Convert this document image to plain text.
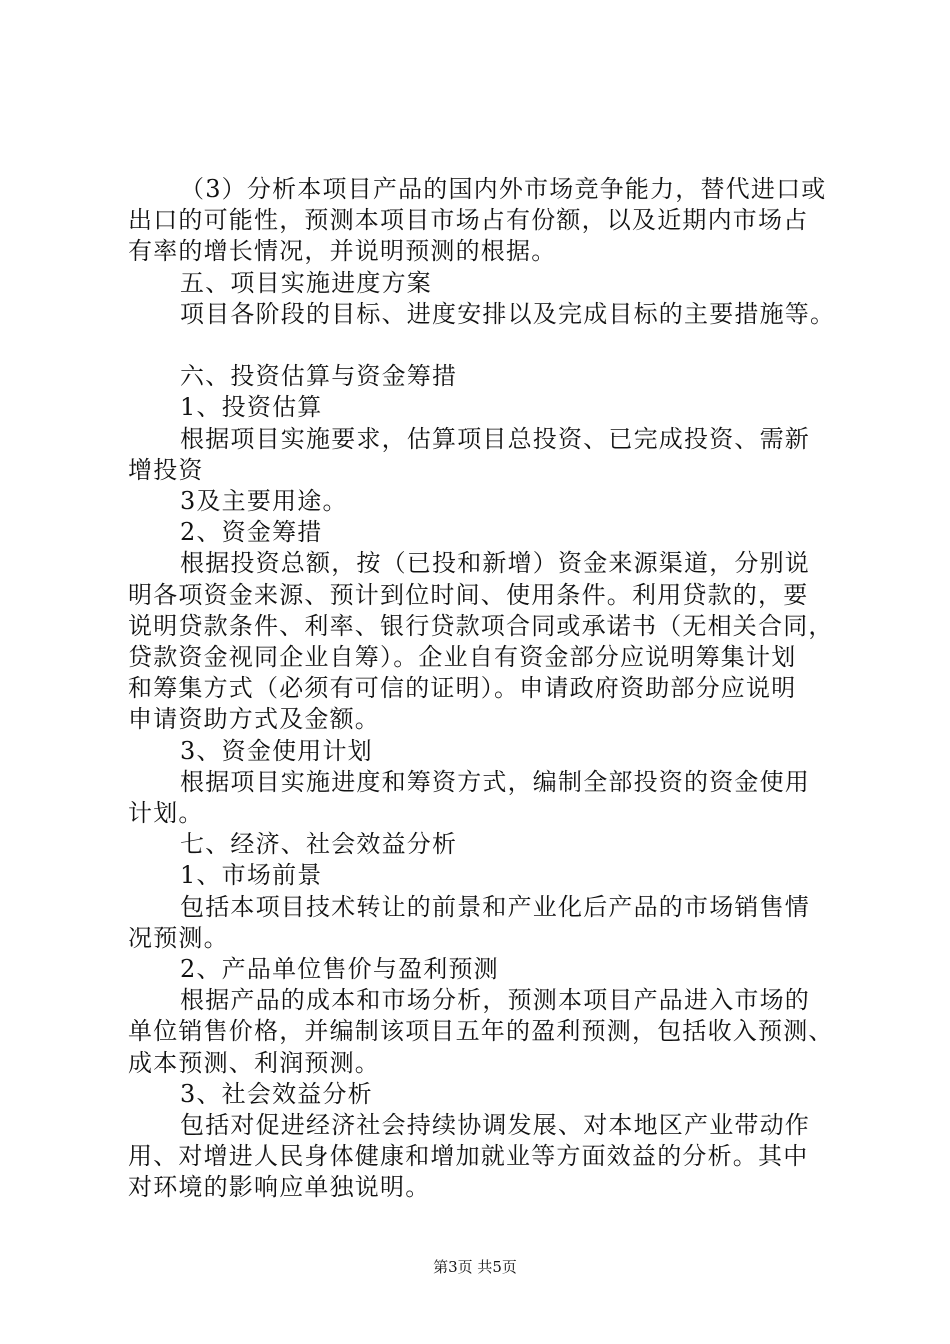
（3）分析本项目产品的国内外市场竞争能力，替代进口或
出口的可能性，预测本项目市场占有份额，以及近期内市场占
有率的增长情况，并说明预测的根据。
五、项目实施进度方案
项目各阶段的目标、进度安排以及完成目标的主要措施等。
六、投资估算与资金筹措
1、投资估算
根据项目实施要求，估算项目总投资、已完成投资、需新
增投资
3及主要用途。
2、资金筹措
根据投资总额，按（已投和新增）资金来源渠道，分别说
明各项资金来源、预计到位时间、使用条件。利用贷款的，要
说明贷款条件、利率、银行贷款项合同或承诺书（无相关合同，
贷款资金视同企业自筹）。企业自有资金部分应说明筹集计划
和筹集方式（必须有可信的证明）。申请政府资助部分应说明
申请资助方式及金额。
3、资金使用计划
根据项目实施进度和筹资方式，编制全部投资的资金使用
计划。
七、经济、社会效益分析
1、市场前景
包括本项目技术转让的前景和产业化后产品的市场销售情
况预测。
2、产品单位售价与盈利预测
根据产品的成本和市场分析，预测本项目产品进入市场的
单位销售价格，并编制该项目五年的盈利预测，包括收入预测、
成本预测、利润预测。
3、社会效益分析
包括对促进经济社会持续协调发展、对本地区产业带动作
用、对增进人民身体健康和增加就业等方面效益的分析。其中
对环境的影响应单独说明。
第3页 共5页
